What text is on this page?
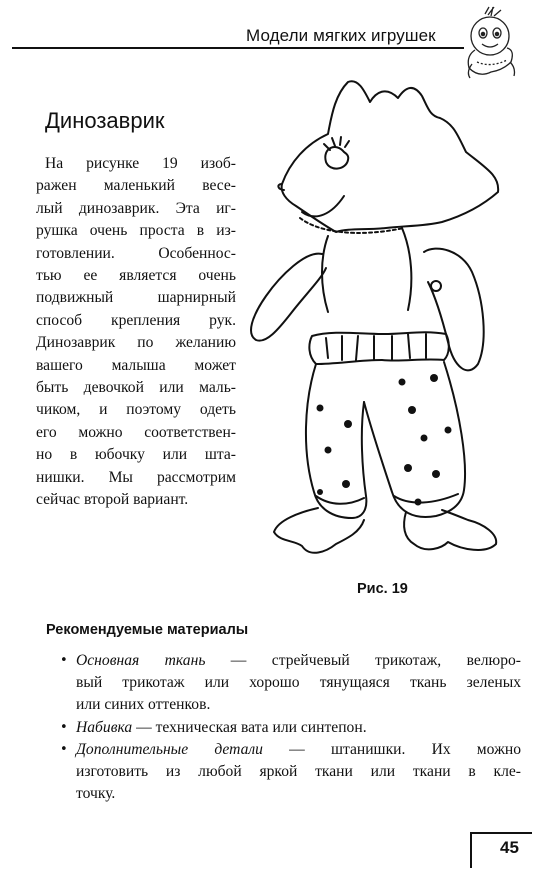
Модели мягких игрушек
Динозаврик

На рисунке 19 изоб-
ражен маленький весе-
лый динозаврик. Эта иг-
рушка очень проста в из-
готовлении. Особеннос-
тью ее является очень
подвижный шарнирный
способ крепления рук.
Динозаврик по желанию
вашего малыша может
быть девочкой или маль-
чиком, и поэтому одеть
его можно соответствен-
но в юбочку или шта-
нишки. Мы рассмотрим
сейчас второй вариант.

Рис. 19
Рекомендуемые материалы
• Основная ткань — стрейчевый трикотаж, велюро-
вый трикотаж или хорошо тянущаяся ткань зеленых
или синих оттенков.
• Набивка — техническая вата или синтепон.
• Дополнительные детали — штанишки. Их можно
изготовить из любой яркой ткани или ткани в кле-
точку.
45
